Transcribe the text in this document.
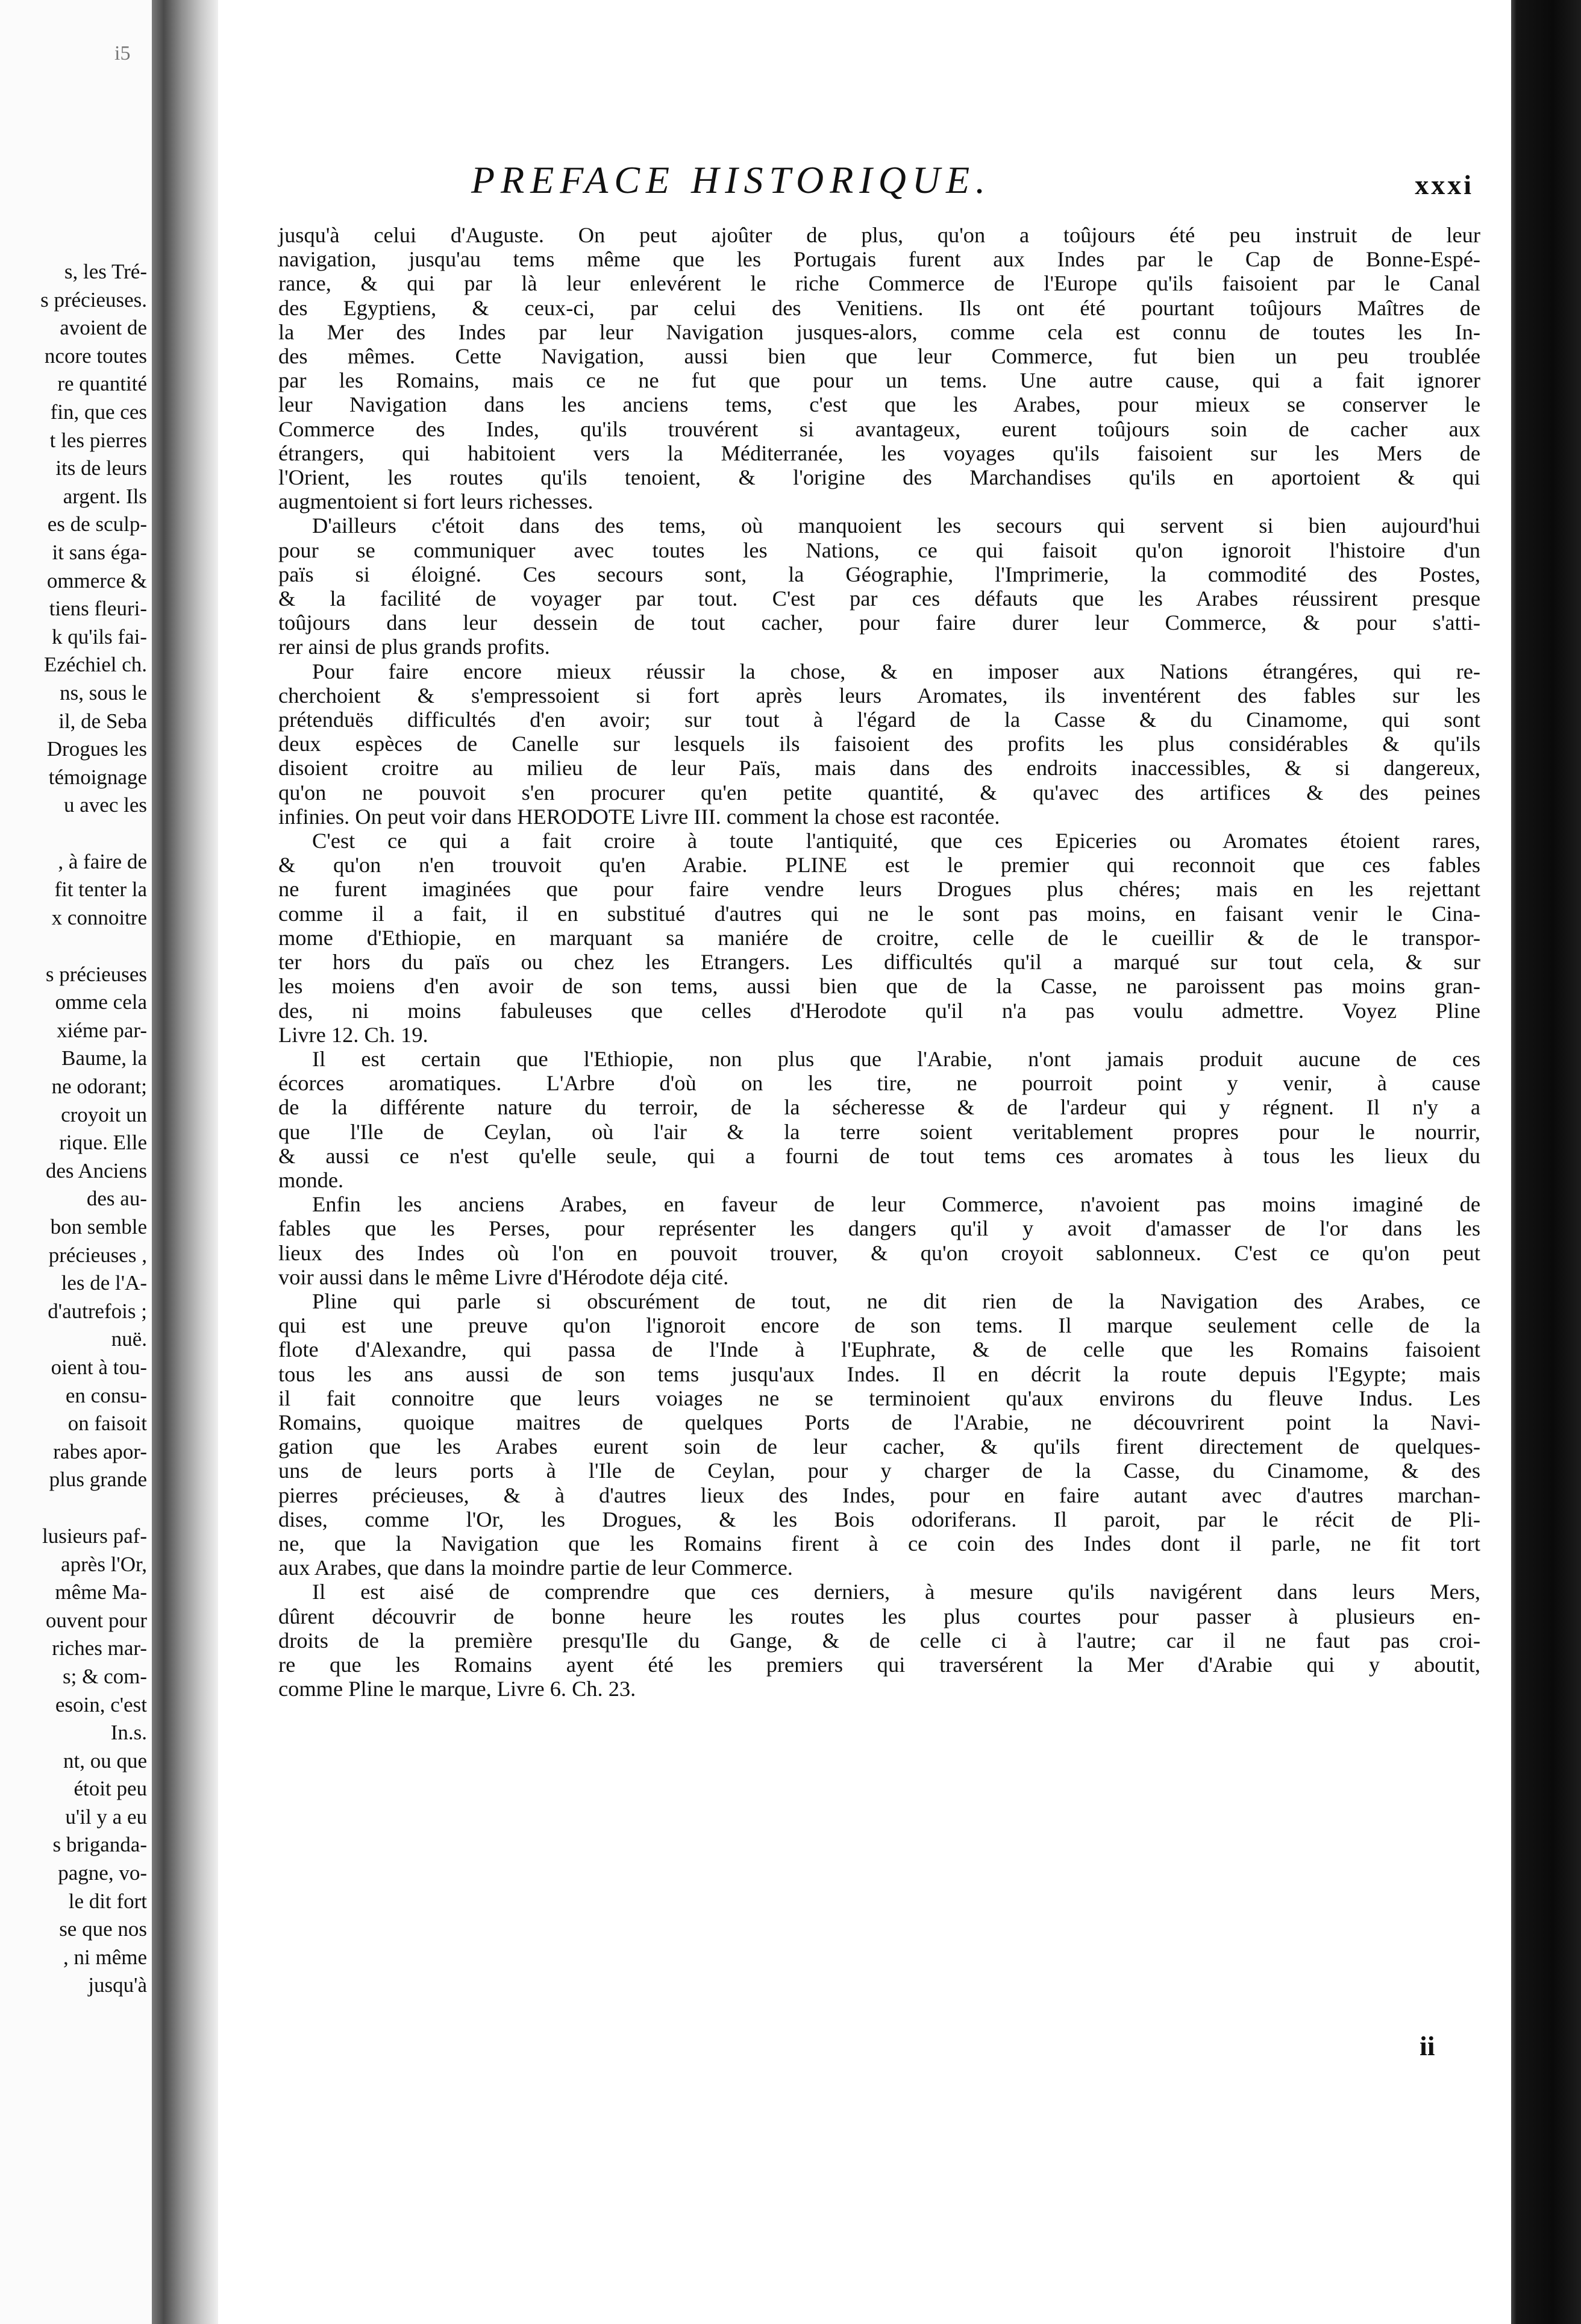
i5
s, les Tré-
s précieuses.
avoient de
ncore toutes
re quantité
fin, que ces
t les pierres
its de leurs
argent. Ils
es de sculp-
it sans éga-
ommerce &
tiens fleuri-
k qu'ils fai-
Ezéchiel ch.
ns, sous le
il, de Seba
Drogues les
témoignage
u avec les
, à faire de
fit tenter la
x connoitre
s précieuses
omme cela
xiéme par-
Baume, la
ne odorant;
croyoit un
rique. Elle
des Anciens
des au-
bon semble
précieuses ,
les de l'A-
d'autrefois ;
nuë.
oient à tou-
en consu-
on faisoit
rabes apor-
plus grande
lusieurs paf-
après l'Or,
même Ma-
ouvent pour
riches mar-
s; & com-
esoin, c'est
In.s.
nt, ou que
étoit peu
u'il y a eu
s briganda-
pagne, vo-
le dit fort
se que nos
, ni même
jusqu'à
PREFACE HISTORIQUE.	xxxi
jusqu'à celui d'Auguste. On peut ajoûter de plus, qu'on a toûjours été peu instruit de leur
navigation, jusqu'au tems même que les Portugais furent aux Indes par le Cap de Bonne-Espé-
rance, & qui par là leur enlevérent le riche Commerce de l'Europe qu'ils faisoient par le Canal
des Egyptiens, & ceux-ci, par celui des Venitiens. Ils ont été pourtant toûjours Maîtres de
la Mer des Indes par leur Navigation jusques-alors, comme cela est connu de toutes les In-
des mêmes. Cette Navigation, aussi bien que leur Commerce, fut bien un peu troublée
par les Romains, mais ce ne fut que pour un tems. Une autre cause, qui a fait ignorer
leur Navigation dans les anciens tems, c'est que les Arabes, pour mieux se conserver le
Commerce des Indes, qu'ils trouvérent si avantageux, eurent toûjours soin de cacher aux
étrangers, qui habitoient vers la Méditerranée, les voyages qu'ils faisoient sur les Mers de
l'Orient, les routes qu'ils tenoient, & l'origine des Marchandises qu'ils en aportoient & qui
augmentoient si fort leurs richesses.
D'ailleurs c'étoit dans des tems, où manquoient les secours qui servent si bien aujourd'hui
pour se communiquer avec toutes les Nations, ce qui faisoit qu'on ignoroit l'histoire d'un
païs si éloigné. Ces secours sont, la Géographie, l'Imprimerie, la commodité des Postes,
& la facilité de voyager par tout. C'est par ces défauts que les Arabes réussirent presque
toûjours dans leur dessein de tout cacher, pour faire durer leur Commerce, & pour s'atti-
rer ainsi de plus grands profits.
Pour faire encore mieux réussir la chose, & en imposer aux Nations étrangéres, qui re-
cherchoient & s'empressoient si fort après leurs Aromates, ils inventérent des fables sur les
prétenduës difficultés d'en avoir; sur tout à l'égard de la Casse & du Cinamome, qui sont
deux espèces de Canelle sur lesquels ils faisoient des profits les plus considérables & qu'ils
disoient croitre au milieu de leur Païs, mais dans des endroits inaccessibles, & si dangereux,
qu'on ne pouvoit s'en procurer qu'en petite quantité, & qu'avec des artifices & des peines
infinies. On peut voir dans HERODOTE Livre III. comment la chose est racontée.
C'est ce qui a fait croire à toute l'antiquité, que ces Epiceries ou Aromates étoient rares,
& qu'on n'en trouvoit qu'en Arabie. PLINE est le premier qui reconnoit que ces fables
ne furent imaginées que pour faire vendre leurs Drogues plus chéres; mais en les rejettant
comme il a fait, il en substitué d'autres qui ne le sont pas moins, en faisant venir le Cina-
mome d'Ethiopie, en marquant sa maniére de croitre, celle de le cueillir & de le transpor-
ter hors du païs ou chez les Etrangers. Les difficultés qu'il a marqué sur tout cela, & sur
les moiens d'en avoir de son tems, aussi bien que de la Casse, ne paroissent pas moins gran-
des, ni moins fabuleuses que celles d'Herodote qu'il n'a pas voulu admettre. Voyez Pline
Livre 12. Ch. 19.
Il est certain que l'Ethiopie, non plus que l'Arabie, n'ont jamais produit aucune de ces
écorces aromatiques. L'Arbre d'où on les tire, ne pourroit point y venir, à cause
de la différente nature du terroir, de la sécheresse & de l'ardeur qui y régnent. Il n'y a
que l'Ile de Ceylan, où l'air & la terre soient veritablement propres pour le nourrir,
& aussi ce n'est qu'elle seule, qui a fourni de tout tems ces aromates à tous les lieux du
monde.
Enfin les anciens Arabes, en faveur de leur Commerce, n'avoient pas moins imaginé de
fables que les Perses, pour représenter les dangers qu'il y avoit d'amasser de l'or dans les
lieux des Indes où l'on en pouvoit trouver, & qu'on croyoit sablonneux. C'est ce qu'on peut
voir aussi dans le même Livre d'Hérodote déja cité.
Pline qui parle si obscurément de tout, ne dit rien de la Navigation des Arabes, ce
qui est une preuve qu'on l'ignoroit encore de son tems. Il marque seulement celle de la
flote d'Alexandre, qui passa de l'Inde à l'Euphrate, & de celle que les Romains faisoient
tous les ans aussi de son tems jusqu'aux Indes. Il en décrit la route depuis l'Egypte; mais
il fait connoitre que leurs voiages ne se terminoient qu'aux environs du fleuve Indus. Les
Romains, quoique maitres de quelques Ports de l'Arabie, ne découvrirent point la Navi-
gation que les Arabes eurent soin de leur cacher, & qu'ils firent directement de quelques-
uns de leurs ports à l'Ile de Ceylan, pour y charger de la Casse, du Cinamome, & des
pierres précieuses, & à d'autres lieux des Indes, pour en faire autant avec d'autres marchan-
dises, comme l'Or, les Drogues, & les Bois odoriferans. Il paroit, par le récit de Pli-
ne, que la Navigation que les Romains firent à ce coin des Indes dont il parle, ne fit tort
aux Arabes, que dans la moindre partie de leur Commerce.
Il est aisé de comprendre que ces derniers, à mesure qu'ils navigérent dans leurs Mers,
dûrent découvrir de bonne heure les routes les plus courtes pour passer à plusieurs en-
droits de la première presqu'Ile du Gange, & de celle ci à l'autre; car il ne faut pas croi-
re que les Romains ayent été les premiers qui traversérent la Mer d'Arabie qui y aboutit,
comme Pline le marque, Livre 6. Ch. 23.
ii
